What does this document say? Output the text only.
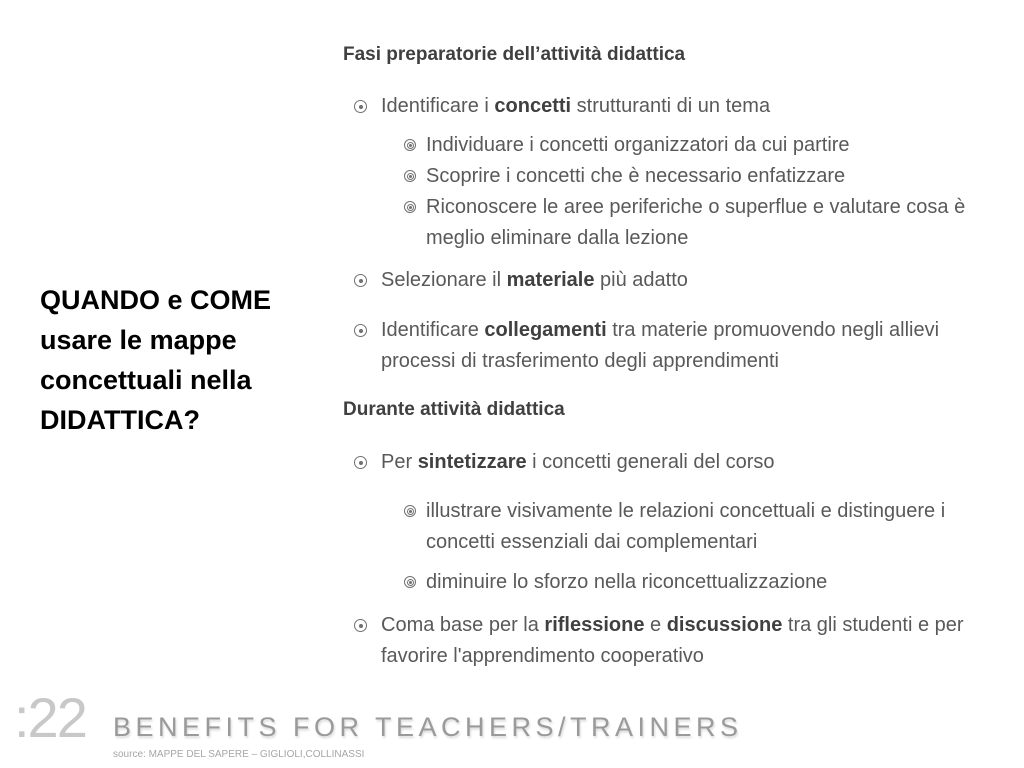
QUANDO e COME usare le mappe concettuali nella DIDATTICA?
Fasi preparatorie dell’attività didattica
Identificare i concetti strutturanti di un tema
Individuare i concetti organizzatori da cui partire
Scoprire i concetti che è necessario enfatizzare
Riconoscere le aree periferiche o superflue e valutare cosa è meglio eliminare dalla lezione
Selezionare il materiale più adatto
Identificare collegamenti tra materie promuovendo negli allievi processi di trasferimento degli apprendimenti
Durante attività didattica
Per sintetizzare i concetti generali del corso
illustrare visivamente le relazioni concettuali e distinguere i concetti essenziali dai complementari
diminuire lo sforzo nella riconcettualizzazione
Coma base per la riflessione e discussione tra gli studenti e per favorire l'apprendimento cooperativo
:22 BENEFITS FOR TEACHERS/TRAINERS
source: MAPPE DEL SAPERE – GIGLIOLI,COLLINASSI
